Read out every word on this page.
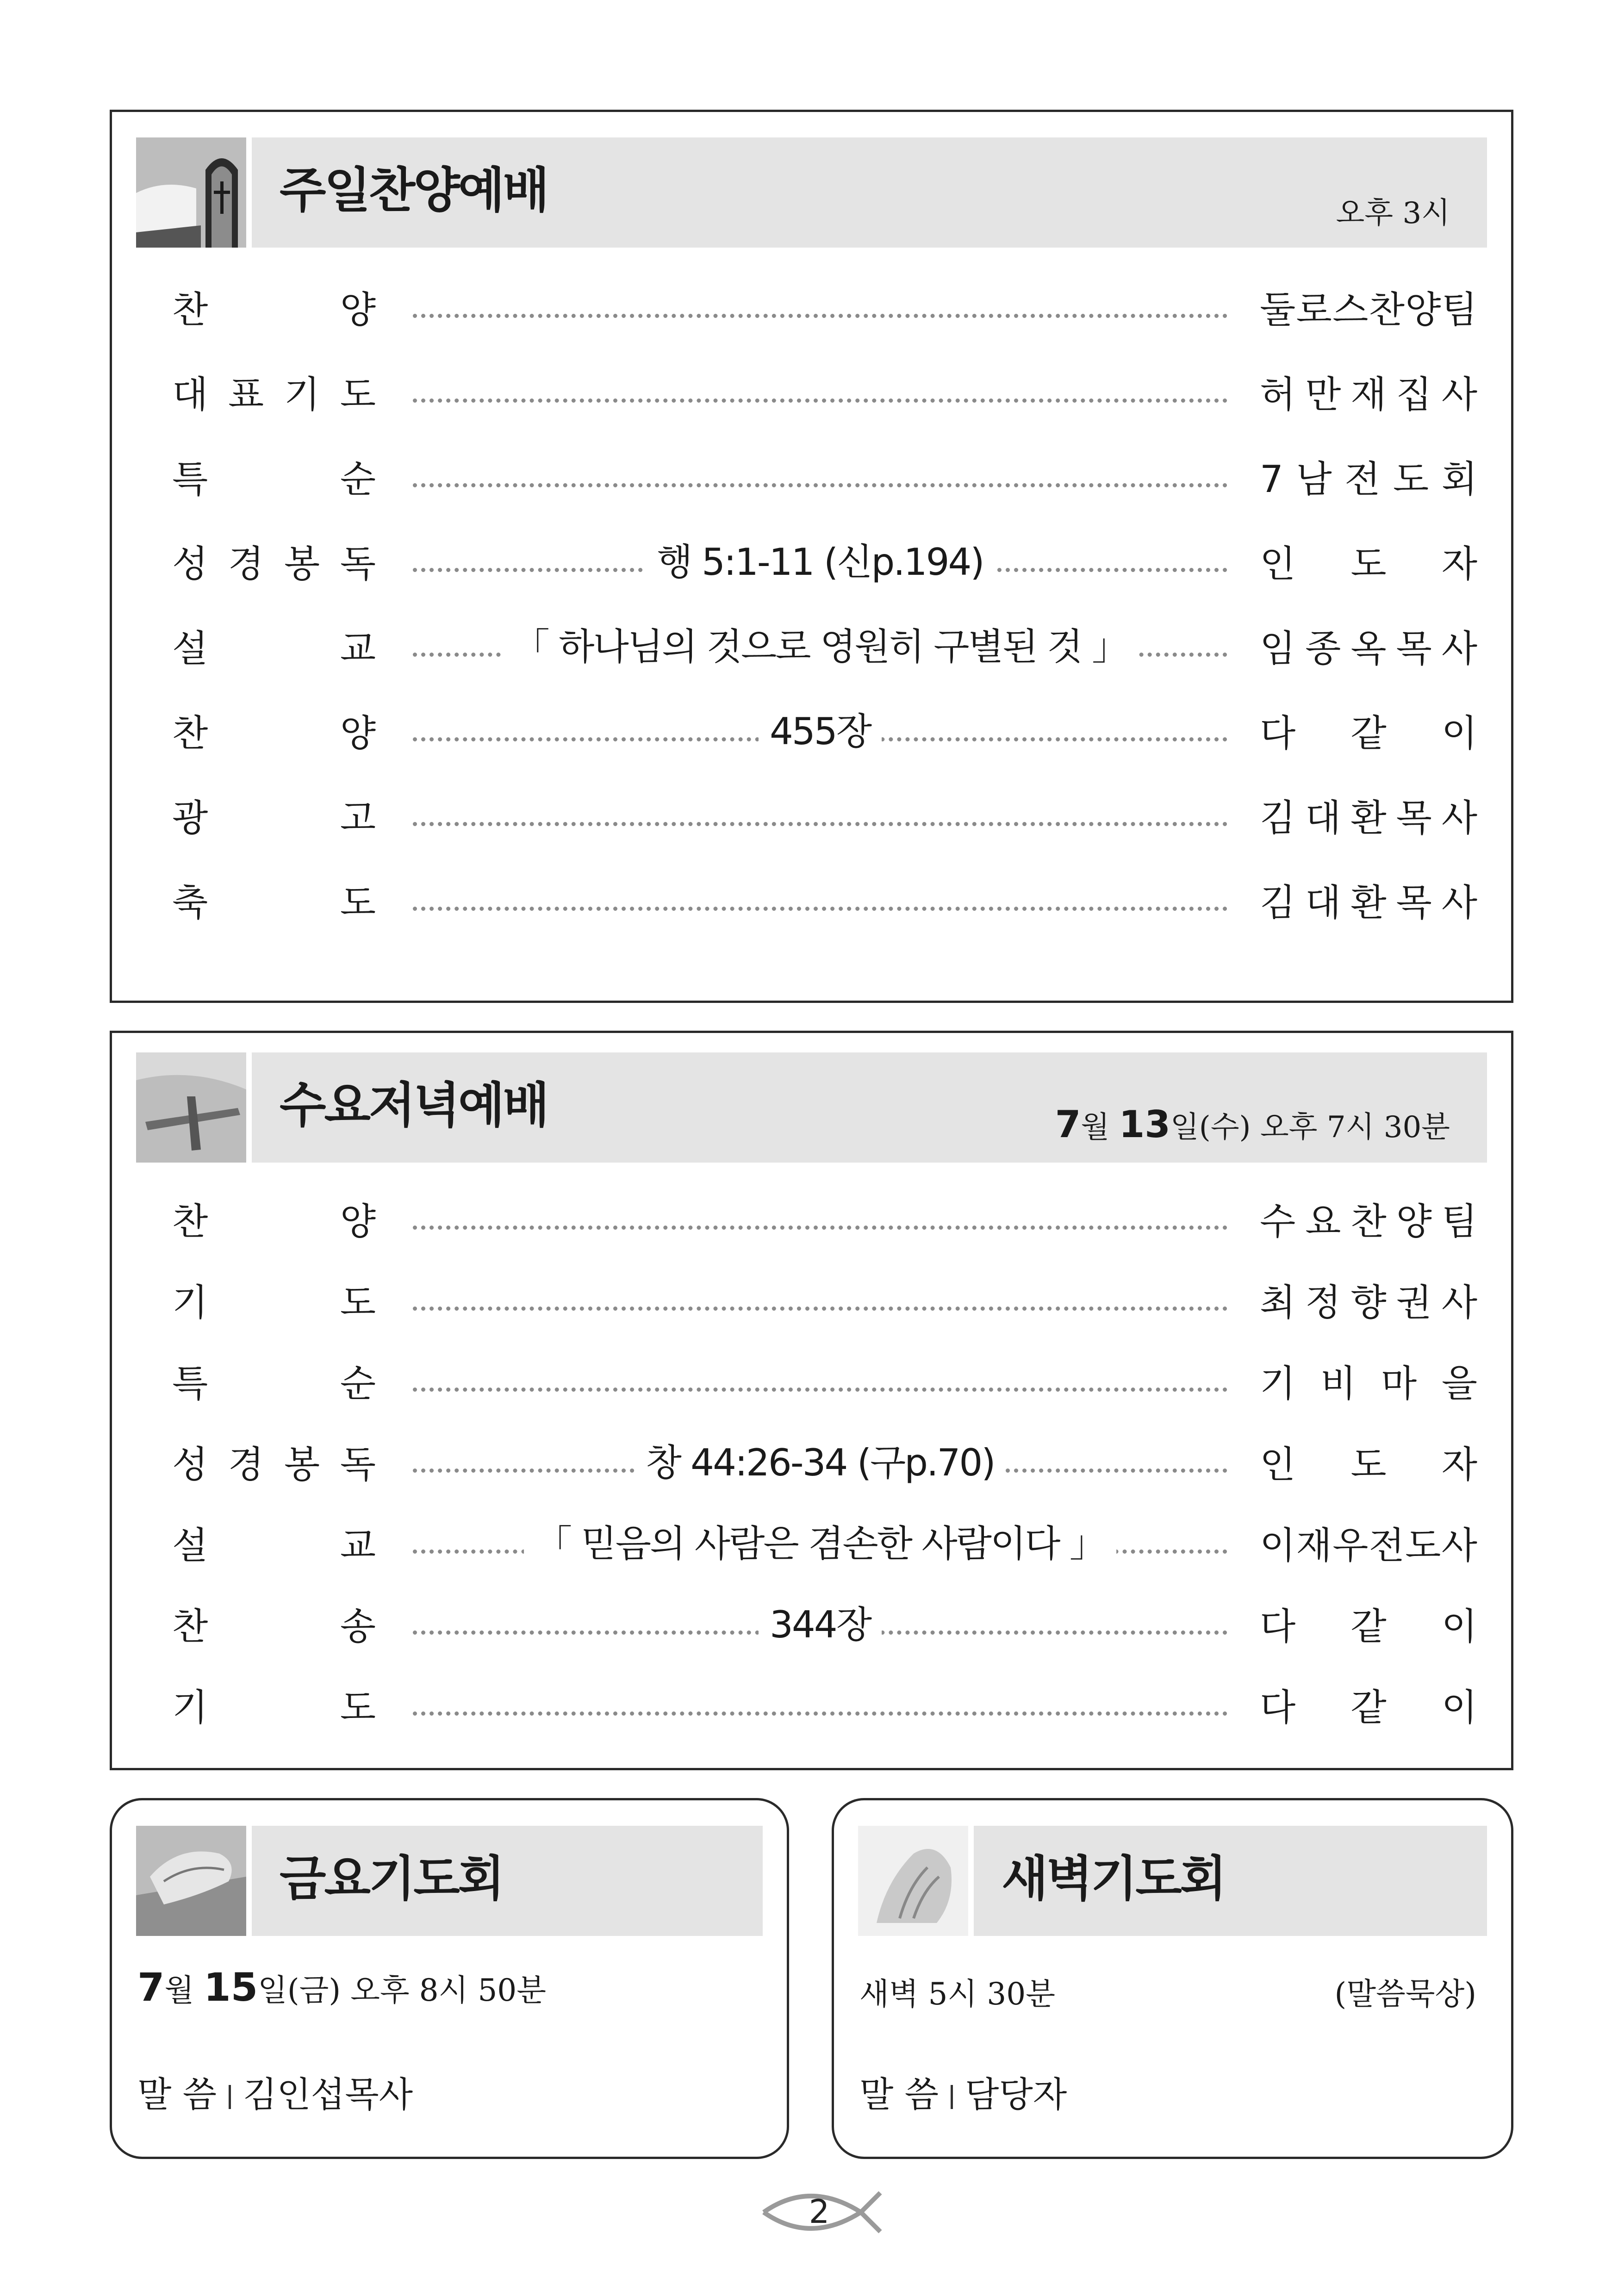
주일찬양예배	오후 3시
찬	양	둘 로 스 찬 양 팀
대 표 기 도	허 만 재 집 사
특	순	7 남 전 도 회
성 경 봉 독	행 5:1-11 (신p.194)	인 도 자
설	교	「 하나님의 것으로 영원히 구별된 것 」	임 종 옥 목 사
찬	양	455장	다 같 이
광	고	김 대 환 목 사
축	도	김 대 환 목 사
수요저녁예배	7월 13일(수) 오후 7시 30분
찬	양	수 요 찬 양 팀
기	도	최 정 향 권 사
특	순	기 비 마 을
성 경 봉 독	창 44:26-34 (구p.70)	인 도 자
설	교	「 믿음의 사람은 겸손한 사람이다 」	이 재 우 전 도 사
찬	송	344장	다 같 이
기	도	다 같 이
금요기도회
7월 15일(금) 오후 8시 50분
말 씀 김인섭목사
새벽기도회
새벽 5시 30분	(말씀묵상)
말 씀 담당자
2
